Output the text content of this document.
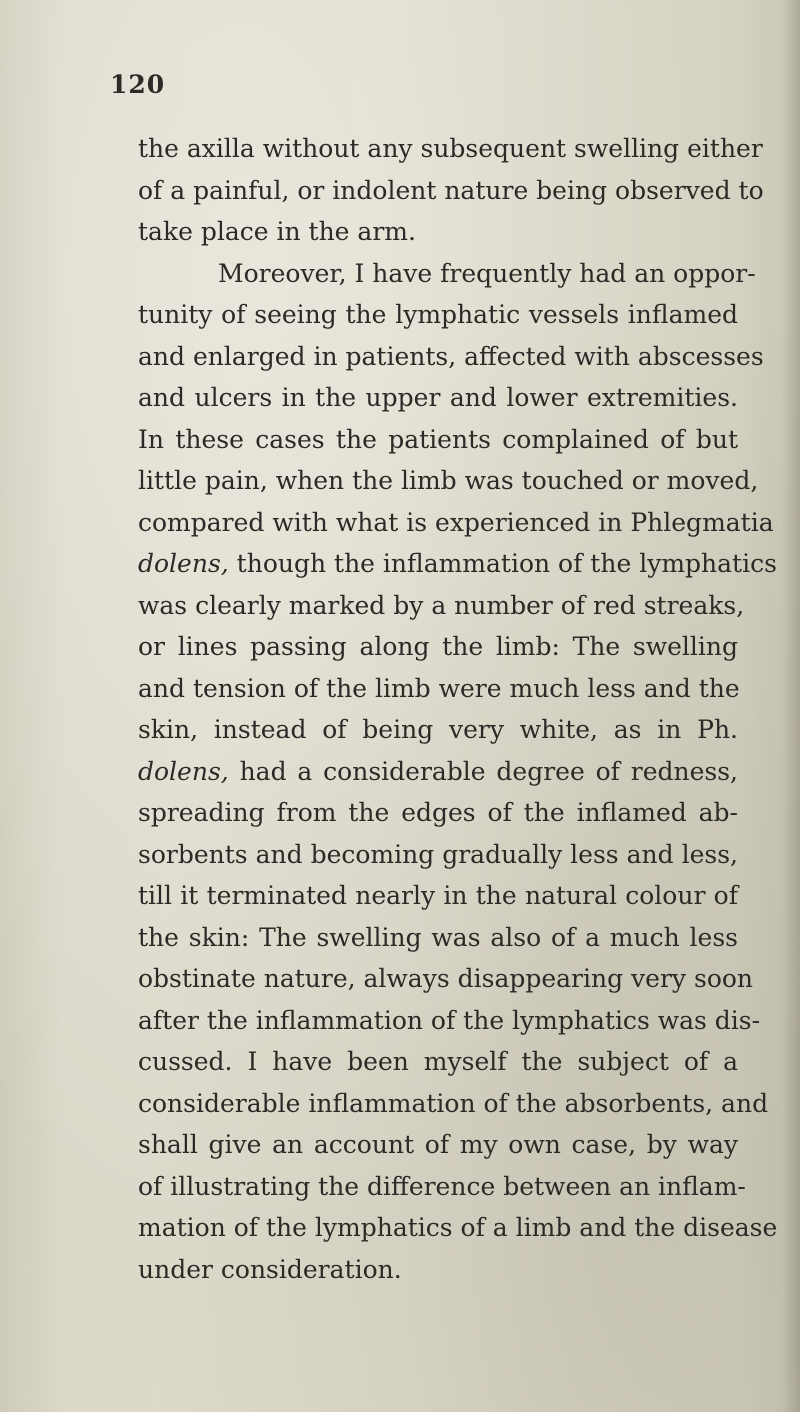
120

the axilla without any subsequent swelling either
of a painful, or indolent nature being observed to
take place in the arm.
Moreover, I have frequently had an oppor-
tunity of seeing the lymphatic vessels inflamed
and enlarged in patients, affected with abscesses
and ulcers in the upper and lower extremities.
In these cases the patients complained of but
little pain, when the limb was touched or moved,
compared with what is experienced in Phlegmatia
dolens, though the inflammation of the lymphatics
was clearly marked by a number of red streaks,
or lines passing along the limb: The swelling
and tension of the limb were much less and the
skin, instead of being very white, as in Ph.
dolens, had a considerable degree of redness,
spreading from the edges of the inflamed ab-
sorbents and becoming gradually less and less,
till it terminated nearly in the natural colour of
the skin: The swelling was also of a much less
obstinate nature, always disappearing very soon
after the inflammation of the lymphatics was dis-
cussed. I have been myself the subject of a
considerable inflammation of the absorbents, and
shall give an account of my own case, by way
of illustrating the difference between an inflam-
mation of the lymphatics of a limb and the disease
under consideration.
